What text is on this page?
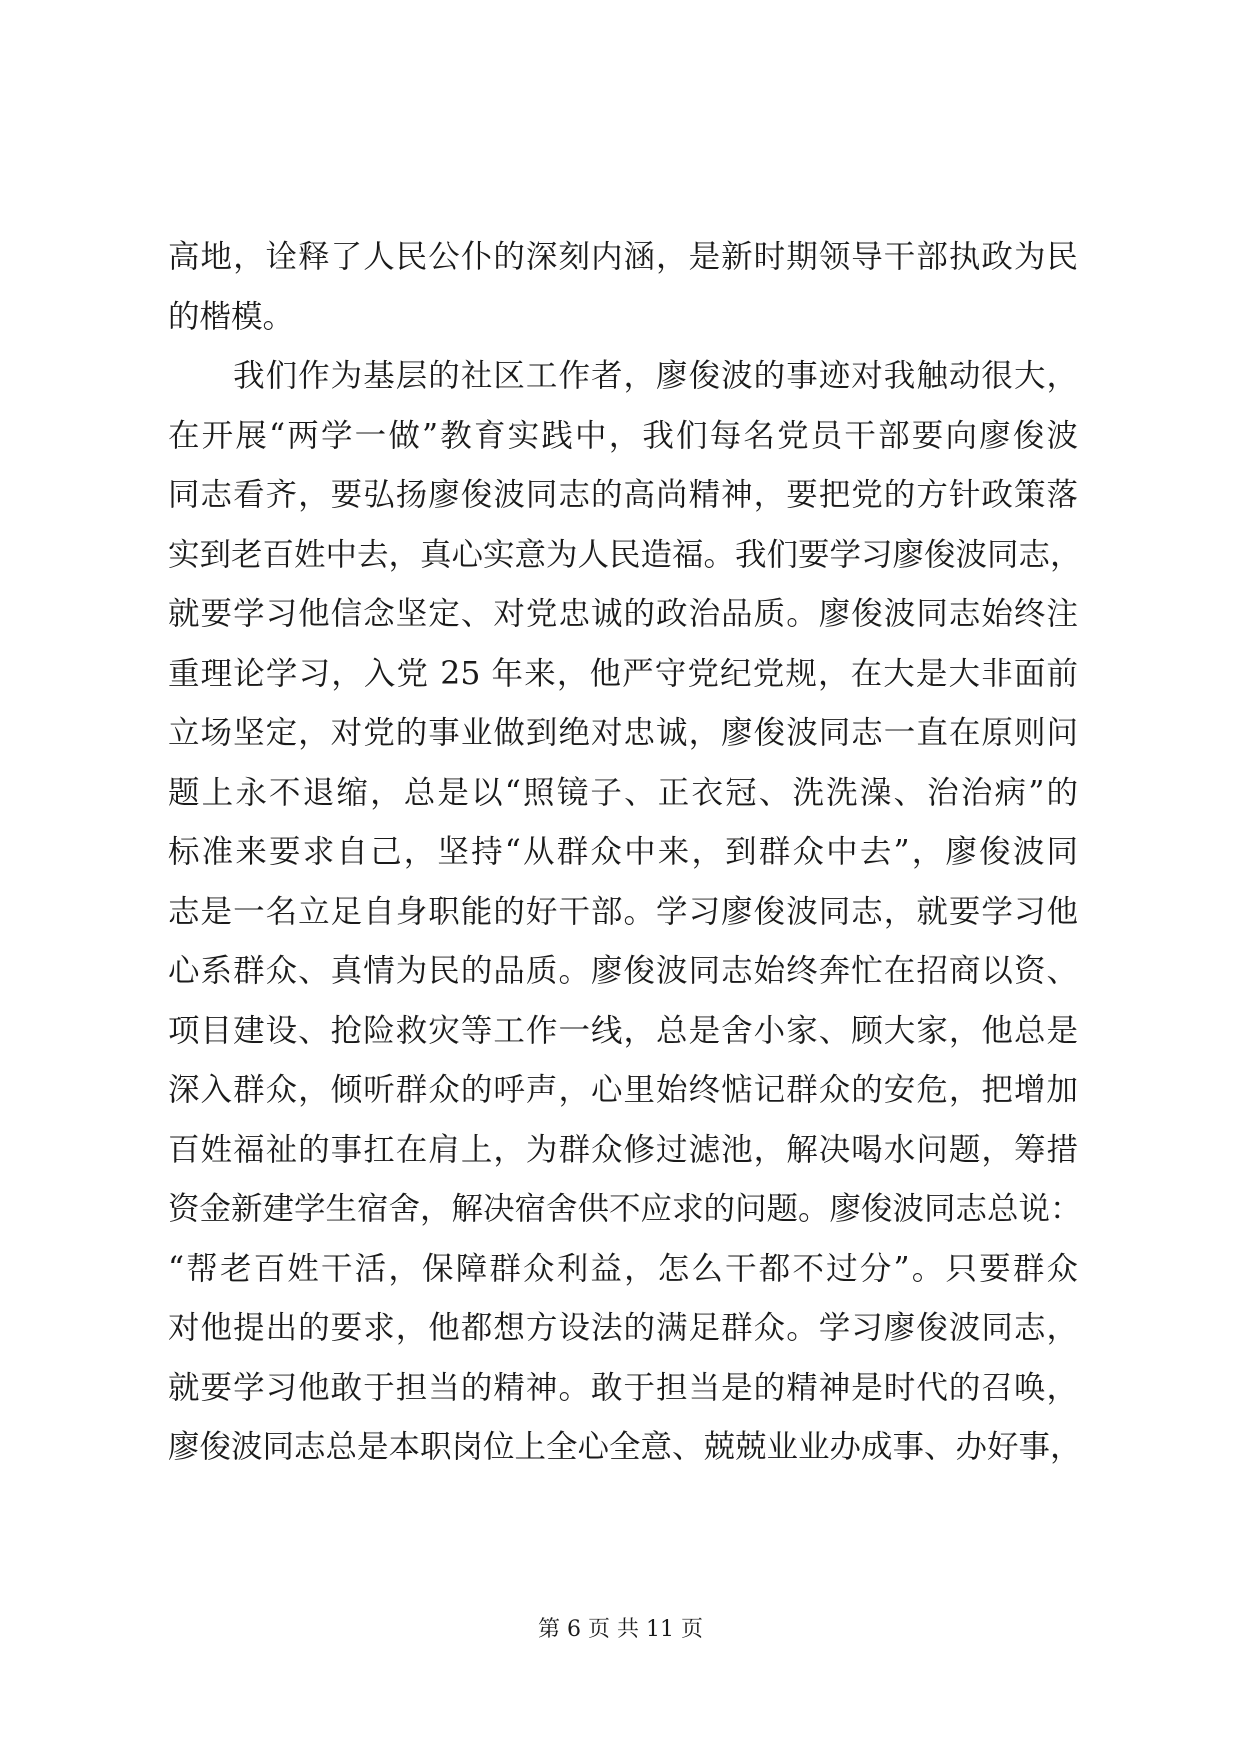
高地，诠释了人民公仆的深刻内涵，是新时期领导干部执政为民
的楷模。
　　我们作为基层的社区工作者，廖俊波的事迹对我触动很大，
在开展“两学一做”教育实践中，我们每名党员干部要向廖俊波
同志看齐，要弘扬廖俊波同志的高尚精神，要把党的方针政策落
实到老百姓中去，真心实意为人民造福。我们要学习廖俊波同志，
就要学习他信念坚定、对党忠诚的政治品质。廖俊波同志始终注
重理论学习，入党 25 年来，他严守党纪党规，在大是大非面前
立场坚定，对党的事业做到绝对忠诚，廖俊波同志一直在原则问
题上永不退缩，总是以“照镜子、正衣冠、洗洗澡、治治病”的
标准来要求自己，坚持“从群众中来，到群众中去”，廖俊波同
志是一名立足自身职能的好干部。学习廖俊波同志，就要学习他
心系群众、真情为民的品质。廖俊波同志始终奔忙在招商以资、
项目建设、抢险救灾等工作一线，总是舍小家、顾大家，他总是
深入群众，倾听群众的呼声，心里始终惦记群众的安危，把增加
百姓福祉的事扛在肩上，为群众修过滤池，解决喝水问题，筹措
资金新建学生宿舍，解决宿舍供不应求的问题。廖俊波同志总说：
“帮老百姓干活，保障群众利益，怎么干都不过分”。只要群众
对他提出的要求，他都想方设法的满足群众。学习廖俊波同志，
就要学习他敢于担当的精神。敢于担当是的精神是时代的召唤，
廖俊波同志总是本职岗位上全心全意、兢兢业业办成事、办好事，
第 6 页 共 11 页
